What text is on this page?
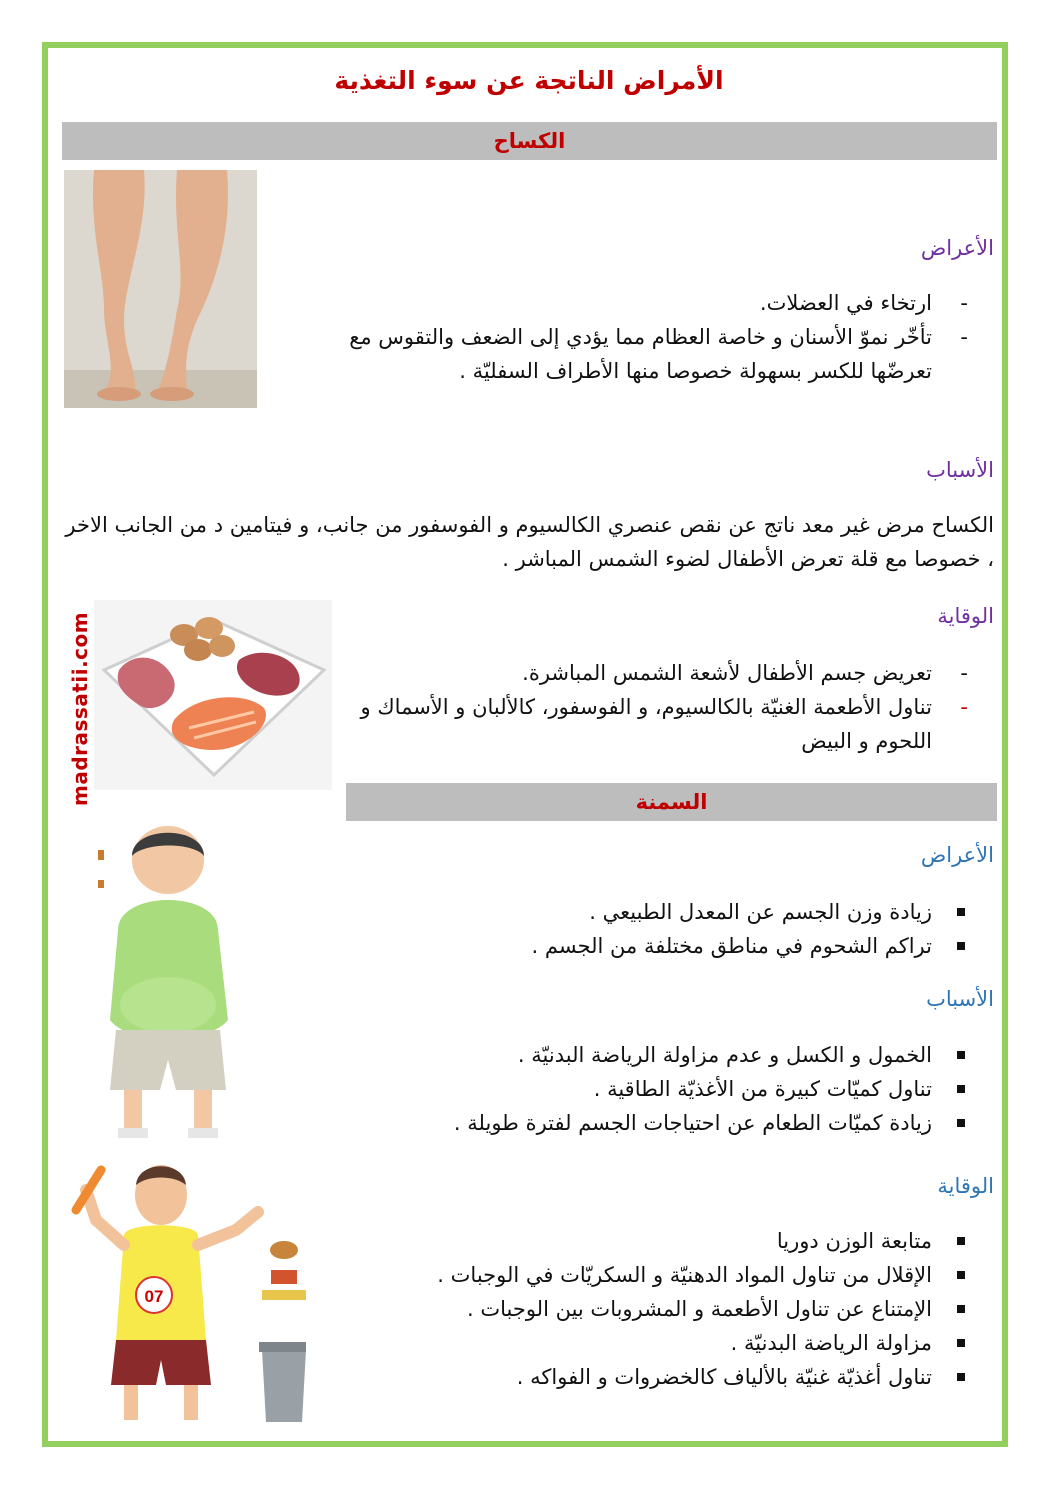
الأمراض الناتجة عن سوء التغذية
الكساح
الأعراض
- ارتخاء في العضلات.
- تأخّر نموّ الأسنان و خاصة العظام مما يؤدي إلى الضعف والتقوس مع تعرضّها للكسر بسهولة خصوصا منها الأطراف السفليّة .
الأسباب
الكساح مرض غير معد ناتج عن نقص عنصري الكالسيوم و الفوسفور من جانب، و فيتامين د من الجانب الاخر ، خصوصا مع قلة تعرض الأطفال لضوء الشمس المباشر .
الوقاية
- تعريض جسم الأطفال لأشعة الشمس المباشرة.
- تناول الأطعمة الغنيّة بالكالسيوم، و الفوسفور، كالألبان و الأسماك و اللحوم و البيض
madrassatii.com	السمنة
الأعراض
زيادة وزن الجسم عن المعدل الطبيعي .
تراكم الشحوم في مناطق مختلفة من الجسم .
الأسباب
الخمول و الكسل و عدم مزاولة الرياضة البدنيّة .
تناول كميّات كبيرة من الأغذيّة الطاقية .
زيادة كميّات الطعام عن احتياجات الجسم لفترة طويلة .
07
الوقاية
متابعة الوزن دوريا
الإقلال من تناول المواد الدهنيّة و السكريّات في الوجبات .
الإمتناع عن تناول الأطعمة و المشروبات بين الوجبات .
مزاولة الرياضة البدنيّة .
تناول أغذيّة غنيّة بالألياف كالخضروات و الفواكه .
